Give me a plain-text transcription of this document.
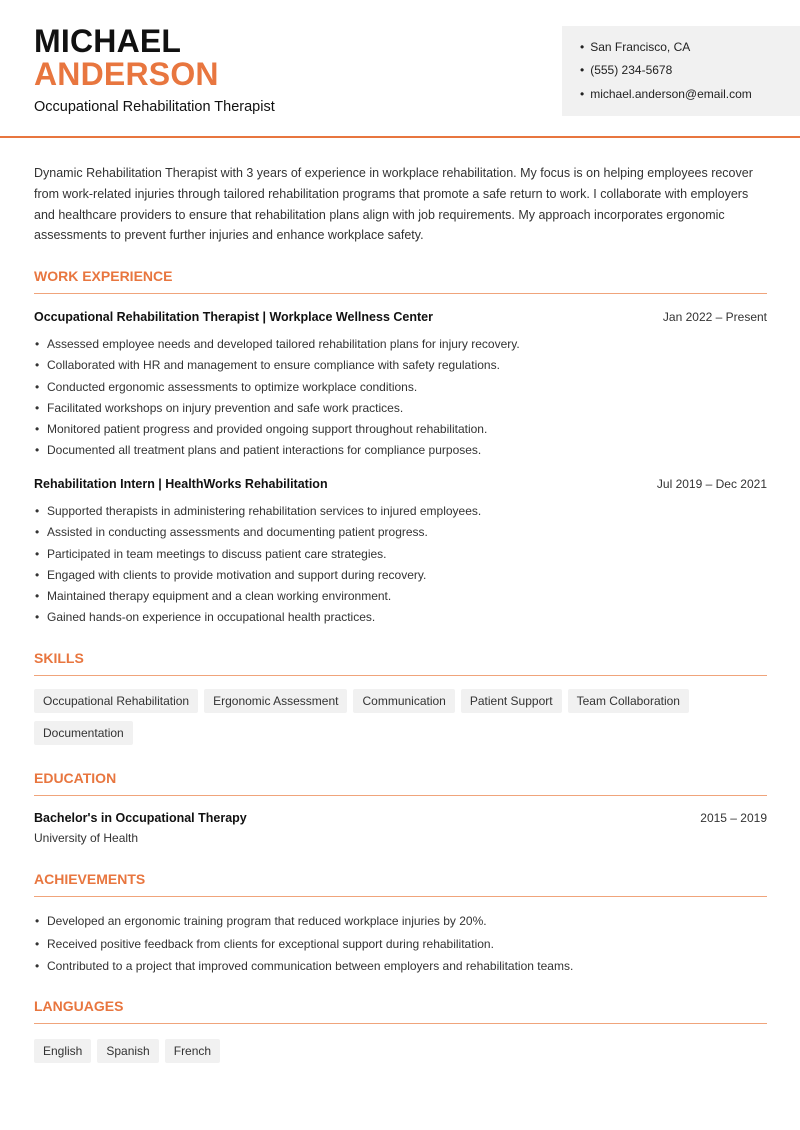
MICHAEL
ANDERSON
Occupational Rehabilitation Therapist
• San Francisco, CA
• (555) 234-5678
• michael.anderson@email.com
Dynamic Rehabilitation Therapist with 3 years of experience in workplace rehabilitation. My focus is on helping employees recover from work-related injuries through tailored rehabilitation programs that promote a safe return to work. I collaborate with employers and healthcare providers to ensure that rehabilitation plans align with job requirements. My approach incorporates ergonomic assessments to prevent further injuries and enhance workplace safety.
WORK EXPERIENCE
Occupational Rehabilitation Therapist | Workplace Wellness Center	Jan 2022 – Present
• Assessed employee needs and developed tailored rehabilitation plans for injury recovery.
• Collaborated with HR and management to ensure compliance with safety regulations.
• Conducted ergonomic assessments to optimize workplace conditions.
• Facilitated workshops on injury prevention and safe work practices.
• Monitored patient progress and provided ongoing support throughout rehabilitation.
• Documented all treatment plans and patient interactions for compliance purposes.
Rehabilitation Intern | HealthWorks Rehabilitation	Jul 2019 – Dec 2021
• Supported therapists in administering rehabilitation services to injured employees.
• Assisted in conducting assessments and documenting patient progress.
• Participated in team meetings to discuss patient care strategies.
• Engaged with clients to provide motivation and support during recovery.
• Maintained therapy equipment and a clean working environment.
• Gained hands-on experience in occupational health practices.
SKILLS
Occupational Rehabilitation Ergonomic Assessment Communication Patient Support Team CollaborationDocumentation
EDUCATION
Bachelor's in Occupational Therapy	2015 – 2019
University of Health
ACHIEVEMENTS
• Developed an ergonomic training program that reduced workplace injuries by 20%.
• Received positive feedback from clients for exceptional support during rehabilitation.
• Contributed to a project that improved communication between employers and rehabilitation teams.
LANGUAGES
English Spanish French
